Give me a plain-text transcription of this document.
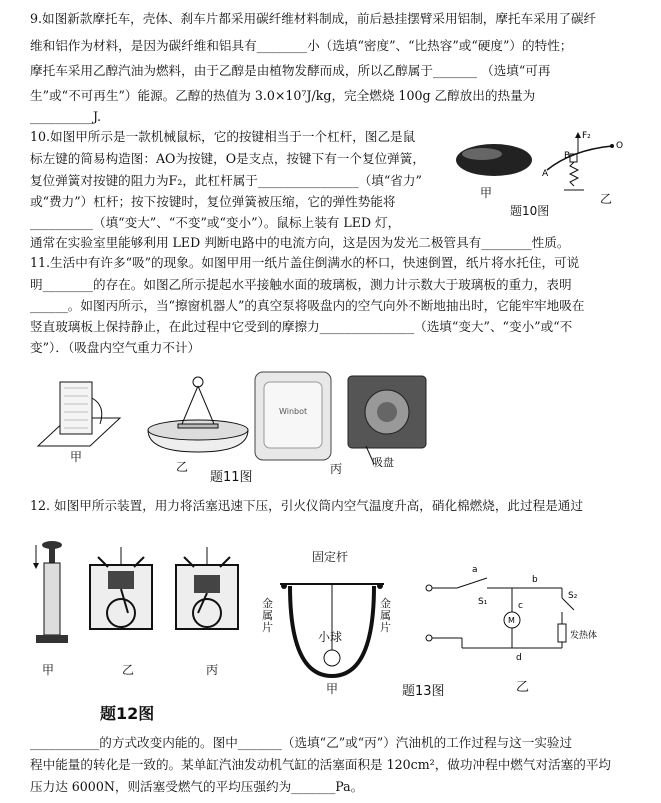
9.如图新款摩托车，壳体、刹车片都采用碳纤维材料制成，前后悬挂摆臂采用铝制，摩托车采用了碳纤
维和铝作为材料，是因为碳纤维和铝具有________小（选填“密度”、“比热容”或“硬度”）的特性；
摩托车采用乙醇汽油为燃料，由于乙醇是由植物发酵而成，所以乙醇属于_______ （选填“可再
生”或“不可再生”）能源。乙醇的热值为 3.0×10⁷J/kg，完全燃烧 100g 乙醇放出的热量为
__________J.
10.如图甲所示是一款机械鼠标，它的按键相当于一个杠杆，图乙是鼠
标左键的简易构造图：AO为按键，O是支点，按键下有一个复位弹簧，
复位弹簧对按键的阻力为F₂，此杠杆属于________________（填“省力”
或“费力”）杠杆；按下按键时，复位弹簧被压缩，它的弹性势能将
__________（填“变大”、“不变”或“变小”）。鼠标上装有 LED 灯，
通常在实验室里能够利用 LED 判断电路中的电流方向，这是因为发光二极管具有________性质。
F₂
A
B
O
甲	乙
题10图
11.生活中有许多“吸”的现象。如图甲用一纸片盖住倒满水的杯口，快速倒置，纸片将水托住，可说
明________的存在。如图乙所示提起水平接触水面的玻璃板，测力计示数大于玻璃板的重力，表明
______。如图丙所示，当“擦窗机器人”的真空泵将吸盘内的空气向外不断地抽出时，它能牢牢地吸在
竖直玻璃板上保持静止，在此过程中它受到的摩擦力_______________（选填“变大”、“变小”或“不
变”）．（吸盘内空气重力不计）
Winbot
甲
乙
题11图
丙	吸盘
12. 如图甲所示装置，用力将活塞迅速下压，引火仪筒内空气温度升高，硝化棉燃烧，此过程是通过
甲	乙	丙
题12图
a
S₁
b
c
M
S₂
发热体
d
固定杆
金属片
金属片
小球
甲	题13图	乙
___________的方式改变内能的。图中_______（选填“乙”或“丙”）汽油机的工作过程与这一实验过
程中能量的转化是一致的。某单缸汽油发动机气缸的活塞面积是 120cm²，做功冲程中燃气对活塞的平均
压力达 6000N，则活塞受燃气的平均压强约为_______Pa。
